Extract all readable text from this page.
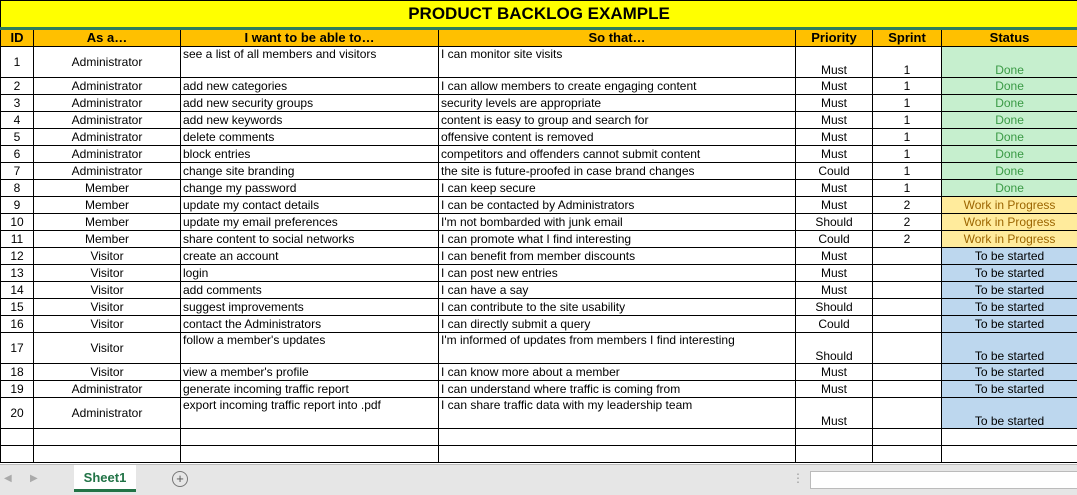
PRODUCT BACKLOG EXAMPLE						
ID	As a…	I want to be able to…	So that…	Priority	Sprint	Status
1	Administrator	see a list of all members and visitors	I can monitor site visits	Must	1	Done
2	Administrator	add new categories	I can allow members to create engaging content	Must	1	Done
3	Administrator	add new security groups	security levels are appropriate	Must	1	Done
4	Administrator	add new keywords	content is easy to group and search for	Must	1	Done
5	Administrator	delete comments	offensive content is removed	Must	1	Done
6	Administrator	block entries	competitors and offenders cannot submit content	Must	1	Done
7	Administrator	change site branding	the site is future-proofed in case brand changes	Could	1	Done
8	Member	change my password	I can keep secure	Must	1	Done
9	Member	update my contact details	I can be contacted by Administrators	Must	2	Work in Progress
10	Member	update my email preferences	I'm not bombarded with junk email	Should	2	Work in Progress
11	Member	share content to social networks	I can promote what I find interesting	Could	2	Work in Progress
12	Visitor	create an account	I can benefit from member discounts	Must		To be started
13	Visitor	login	I can post new entries	Must		To be started
14	Visitor	add comments	I can have a say	Must		To be started
15	Visitor	suggest improvements	I can contribute to the site usability	Should		To be started
16	Visitor	contact the Administrators	I can directly submit a query	Could		To be started
17	Visitor	follow a member's updates	I'm informed of updates from members I find interesting	Should		To be started
18	Visitor	view a member's profile	I can know more about a member	Must		To be started
19	Administrator	generate incoming traffic report	I can understand where traffic is coming from	Must		To be started
20	Administrator	export incoming traffic report into .pdf	I can share traffic data with my leadership team	Must		To be started

◀ ▶	Sheet1	+	⋮
